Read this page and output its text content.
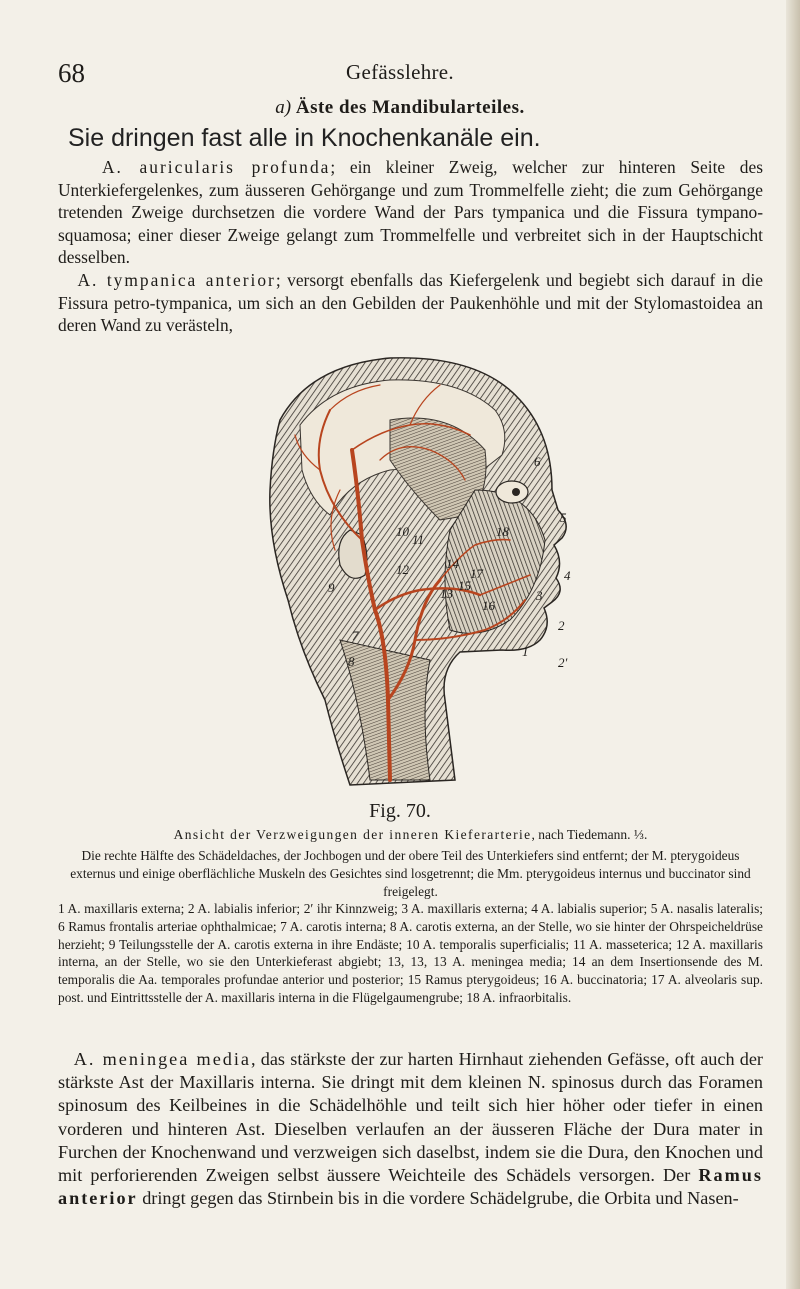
68	Gefässlehre.
a) Äste des Mandibularteiles.
Sie dringen fast alle in Knochenkanäle ein.

A. auricularis profunda; ein kleiner Zweig, welcher zur hinteren Seite des Unterkiefergelenkes, zum äusseren Gehörgange und zum Trommelfelle zieht; die zum Gehörgange tretenden Zweige durchsetzen die vordere Wand der Pars tympanica und die Fissura tympano-squamosa; einer dieser Zweige gelangt zum Trommelfelle und verbreitet sich in der Hauptschicht desselben.

A. tympanica anterior; versorgt ebenfalls das Kiefergelenk und begiebt sich darauf in die Fissura petro-tympanica, um sich an den Gebilden der Paukenhöhle und mit der Stylomastoidea an deren Wand zu verästeln,

6
5
10
11
18
4
14
13
15
12
16
17
9
3
2
7
8
1
2′
Fig. 70.
Ansicht der Verzweigungen der inneren Kieferarterie, nach Tiedemann. ⅓.
Die rechte Hälfte des Schädeldaches, der Jochbogen und der obere Teil des Unterkiefers sind entfernt; der M. pterygoideus externus und einige oberflächliche Muskeln des Gesichtes sind losgetrennt; die Mm. pterygoideus internus und buccinator sind freigelegt.
1 A. maxillaris externa; 2 A. labialis inferior; 2′ ihr Kinnzweig; 3 A. maxillaris externa; 4 A. labialis superior; 5 A. nasalis lateralis; 6 Ramus frontalis arteriae ophthalmicae; 7 A. carotis interna; 8 A. carotis externa, an der Stelle, wo sie hinter der Ohrspeicheldrüse herzieht; 9 Teilungsstelle der A. carotis externa in ihre Endäste; 10 A. temporalis superficialis; 11 A. masseterica; 12 A. maxillaris interna, an der Stelle, wo sie den Unterkieferast abgiebt; 13, 13, 13 A. meningea media; 14 an dem Insertionsende des M. temporalis die Aa. temporales profundae anterior und posterior; 15 Ramus pterygoideus; 16 A. buccinatoria; 17 A. alveolaris sup. post. und Eintrittsstelle der A. maxillaris interna in die Flügelgaumengrube; 18 A. infraorbitalis.

A. meningea media, das stärkste der zur harten Hirnhaut ziehenden Gefässe, oft auch der stärkste Ast der Maxillaris interna. Sie dringt mit dem kleinen N. spinosus durch das Foramen spinosum des Keilbeines in die Schädelhöhle und teilt sich hier höher oder tiefer in einen vorderen und hinteren Ast. Dieselben verlaufen an der äusseren Fläche der Dura mater in Furchen der Knochenwand und verzweigen sich daselbst, indem sie die Dura, den Knochen und mit perforierenden Zweigen selbst äussere Weichteile des Schädels versorgen. Der Ramus anterior dringt gegen das Stirnbein bis in die vordere Schädelgrube, die Orbita und Nasen-
